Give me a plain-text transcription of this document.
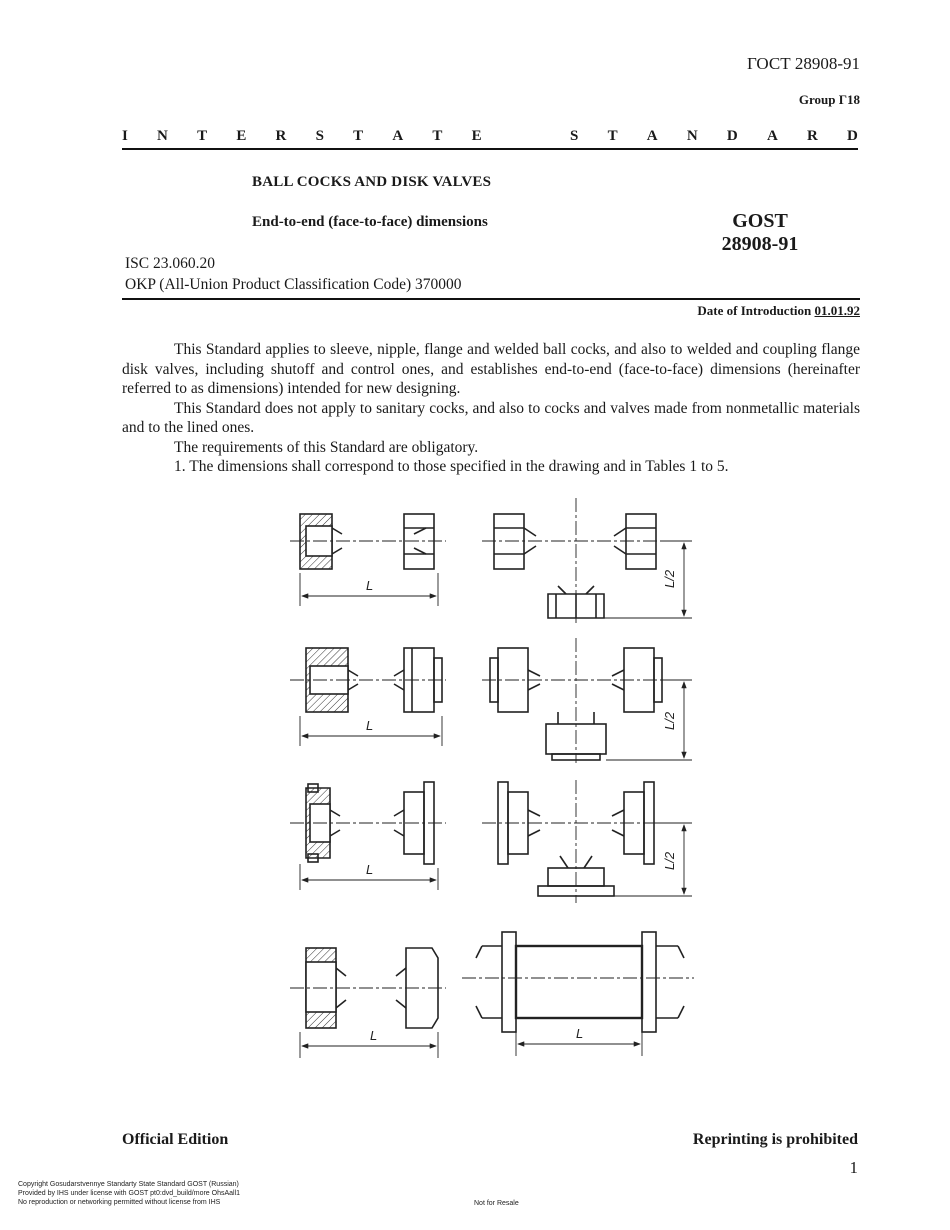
ГОСТ 28908-91
Group Г18
I N T E R S T A T E	S T A N D A R D
BALL COCKS AND DISK VALVES
End-to-end (face-to-face) dimensions	GOST
28908-91
ISC 23.060.20
OKP (All-Union Product Classification Code) 370000
Date of Introduction 01.01.92

This Standard applies to sleeve, nipple, flange and welded ball cocks, and also to welded and coupling flange disk valves, including shutoff and control ones, and establishes end-to-end (face-to-face) dimensions (hereinafter referred to as dimensions) intended for new designing.

This Standard does not apply to sanitary cocks, and also to cocks and valves made from nonmetallic materials and to the lined ones.

The requirements of this Standard are obligatory.

1. The dimensions shall correspond to those specified in the drawing and in Tables 1 to 5.

L
L
L
L	L
L/2
L/2
L/2
Official Edition	Reprinting is prohibited
1
Copyright Gosudarstvennye Standarty State Standard GOST (Russian)
Provided by IHS under license with GOST pt0:dvd_build/more OhsAall1
No reproduction or networking permitted without license from IHS	Not for Resale
